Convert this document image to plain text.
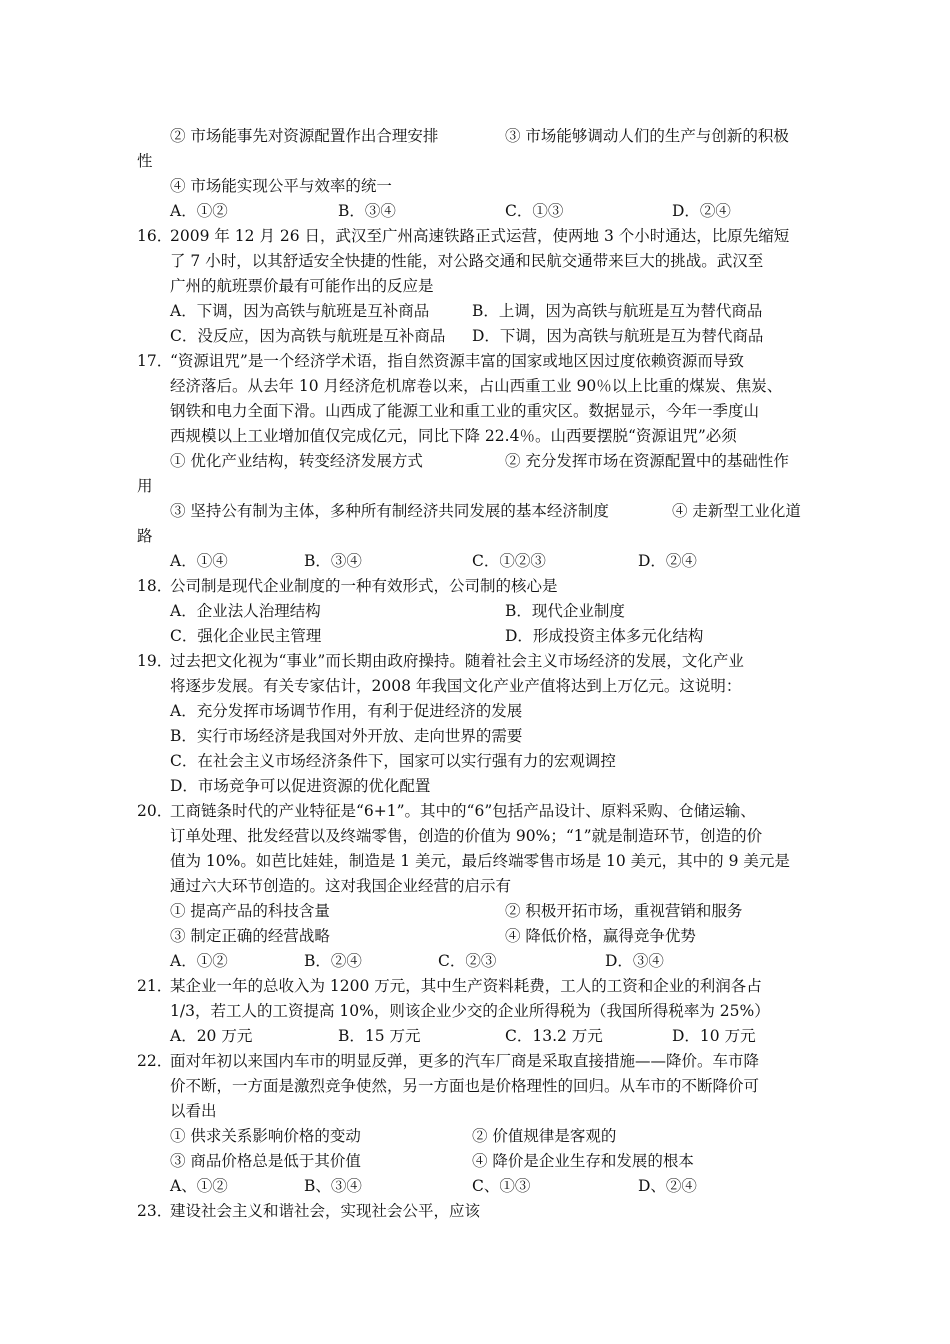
② 市场能事先对资源配置作出合理安排	③ 市场能够调动人们的生产与创新的积极
性
④ 市场能实现公平与效率的统一
A．①②	B．③④	C．①③	D．②④
16．
2009 年 12 月 26 日，武汉至广州高速铁路正式运营，使两地 3 个小时通达，比原先缩短
了 7 小时，以其舒适安全快捷的性能，对公路交通和民航交通带来巨大的挑战。武汉至
广州的航班票价最有可能作出的反应是
A．下调，因为高铁与航班是互补商品	B．上调，因为高铁与航班是互为替代商品
C．没反应，因为高铁与航班是互补商品 D．下调，因为高铁与航班是互为替代商品
17．
“资源诅咒”是一个经济学术语，指自然资源丰富的国家或地区因过度依赖资源而导致
经济落后。从去年 10 月经济危机席卷以来，占山西重工业 90％以上比重的煤炭、焦炭、
钢铁和电力全面下滑。山西成了能源工业和重工业的重灾区。数据显示，今年一季度山
西规模以上工业增加值仅完成亿元，同比下降 22.4％。山西要摆脱“资源诅咒”必须
① 优化产业结构，转变经济发展方式	② 充分发挥市场在资源配置中的基础性作
用
③ 坚持公有制为主体，多种所有制经济共同发展的基本经济制度	④ 走新型工业化道
路
A．①④	B．③④	C．①②③	D．②④
18．
公司制是现代企业制度的一种有效形式，公司制的核心是
A．企业法人治理结构	B．现代企业制度
C．强化企业民主管理	D．形成投资主体多元化结构
19．
过去把文化视为“事业”而长期由政府操持。随着社会主义市场经济的发展，文化产业
将逐步发展。有关专家估计，2008 年我国文化产业产值将达到上万亿元。这说明：
A．充分发挥市场调节作用，有利于促进经济的发展
B．实行市场经济是我国对外开放、走向世界的需要
C．在社会主义市场经济条件下，国家可以实行强有力的宏观调控
D．市场竞争可以促进资源的优化配置
20．
工商链条时代的产业特征是“6+1”。其中的“6”包括产品设计、原料采购、仓储运输、
订单处理、批发经营以及终端零售，创造的价值为 90%；“1”就是制造环节，创造的价
值为 10%。如芭比娃娃，制造是 1 美元，最后终端零售市场是 10 美元，其中的 9 美元是
通过六大环节创造的。这对我国企业经营的启示有
① 提高产品的科技含量	② 积极开拓市场，重视营销和服务
③ 制定正确的经营战略	④ 降低价格，赢得竞争优势
A．①②	B．②④	C．②③	D．③④
21．
某企业一年的总收入为 1200 万元，其中生产资料耗费，工人的工资和企业的利润各占
1/3，若工人的工资提高 10%，则该企业少交的企业所得税为（我国所得税率为 25%）
A．20 万元	B．15 万元	C．13.2 万元	D．10 万元
22．
面对年初以来国内车市的明显反弹，更多的汽车厂商是采取直接措施——降价。车市降
价不断，一方面是激烈竞争使然，另一方面也是价格理性的回归。从车市的不断降价可
以看出
① 供求关系影响价格的变动	② 价值规律是客观的
③ 商品价格总是低于其价值	④ 降价是企业生存和发展的根本
A、①②	B、③④	C、①③	D、②④
23．
建设社会主义和谐社会，实现社会公平，应该
